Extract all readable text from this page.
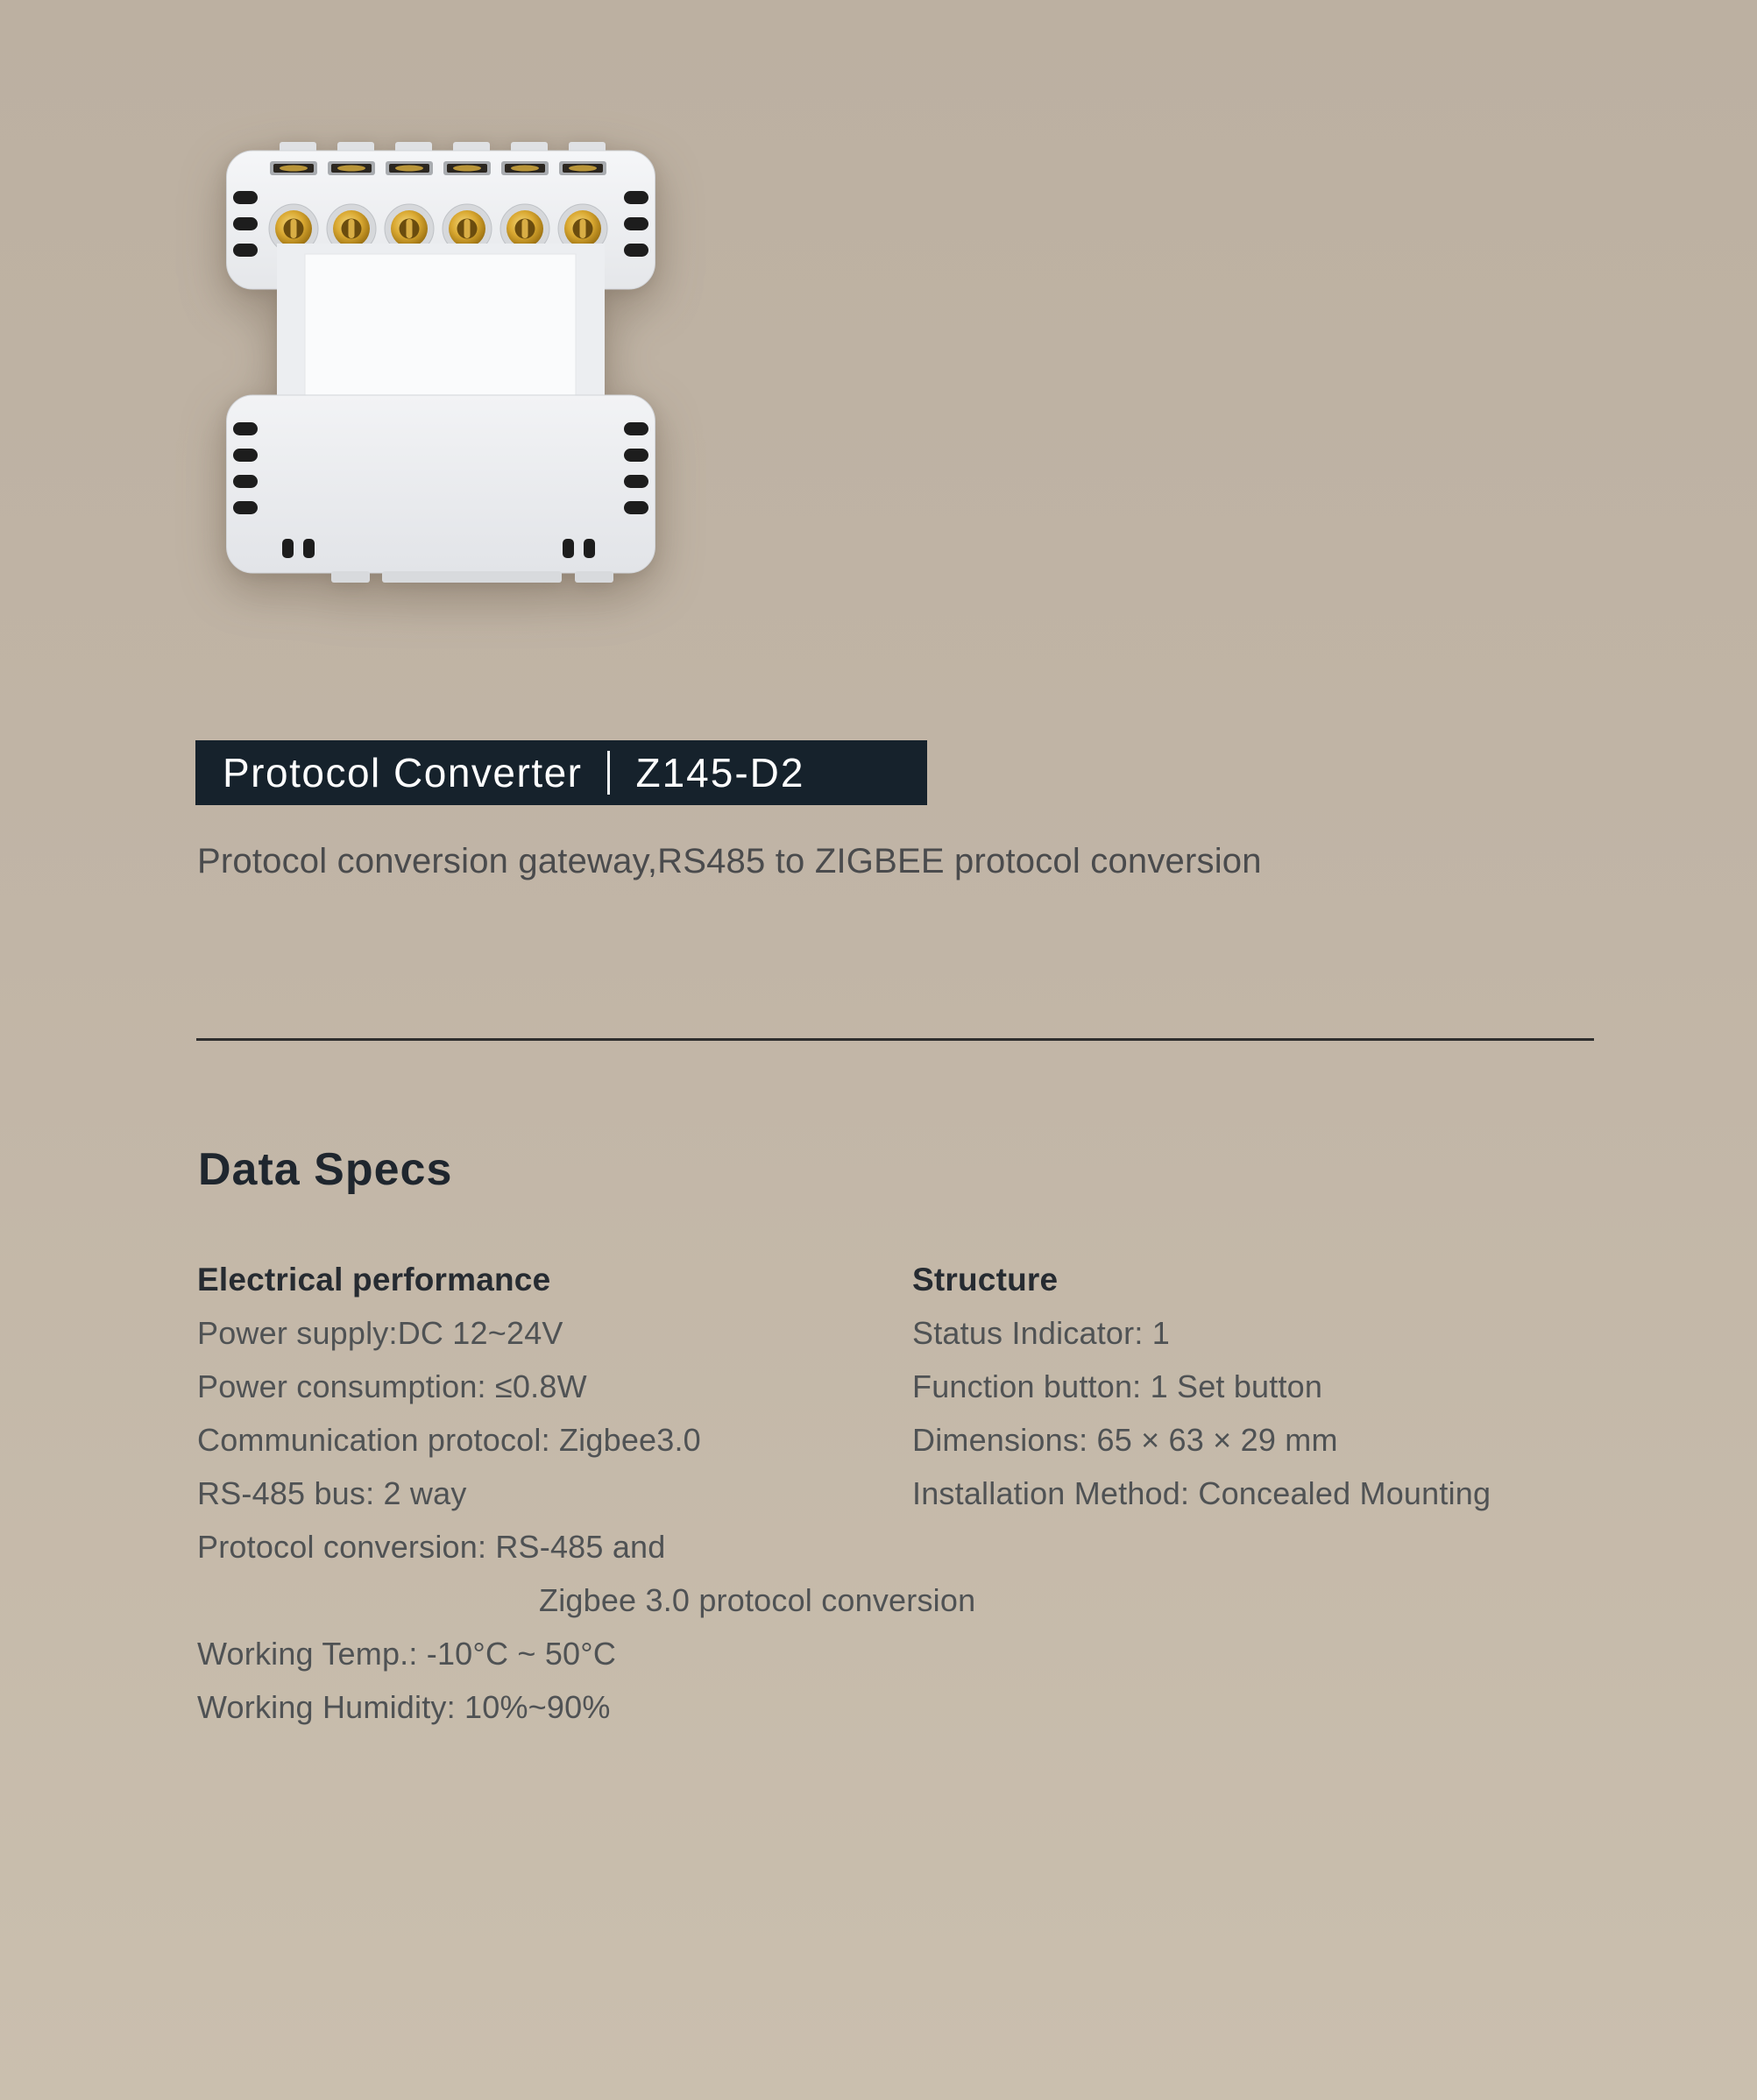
Protocol Converter Z145-D2
Protocol conversion gateway,RS485 to ZIGBEE protocol conversion
Data Specs
Electrical performance
Power supply:DC 12~24V
Power consumption: ≤0.8W
Communication protocol: Zigbee3.0
RS-485 bus: 2 way
Protocol conversion: RS-485 and
Zigbee 3.0 protocol conversion
Working Temp.: -10°C ~ 50°C
Working Humidity: 10%~90%
Structure
Status Indicator: 1
Function button: 1 Set button
Dimensions: 65 × 63 × 29 mm
Installation Method: Concealed Mounting
